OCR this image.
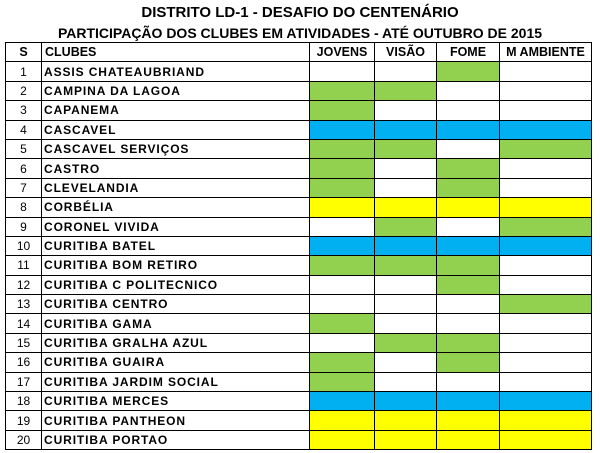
DISTRITO LD-1 - DESAFIO DO CENTENÁRIO
PARTICIPAÇÃO DOS CLUBES EM ATIVIDADES - ATÉ OUTUBRO DE 2015
S	CLUBES	JOVENS	VISÃO	FOME	M AMBIENTE
1	ASSIS CHATEAUBRIAND				
2	CAMPINA DA LAGOA				
3	CAPANEMA				
4	CASCAVEL				
5	CASCAVEL SERVIÇOS				
6	CASTRO				
7	CLEVELANDIA				
8	CORBÉLIA				
9	CORONEL VIVIDA				
10	CURITIBA BATEL				
11	CURITIBA BOM RETIRO				
12	CURITIBA C POLITECNICO				
13	CURITIBA CENTRO				
14	CURITIBA GAMA				
15	CURITIBA GRALHA AZUL				
16	CURITIBA GUAIRA				
17	CURITIBA JARDIM SOCIAL				
18	CURITIBA MERCES				
19	CURITIBA PANTHEON				
20	CURITIBA PORTAO				
